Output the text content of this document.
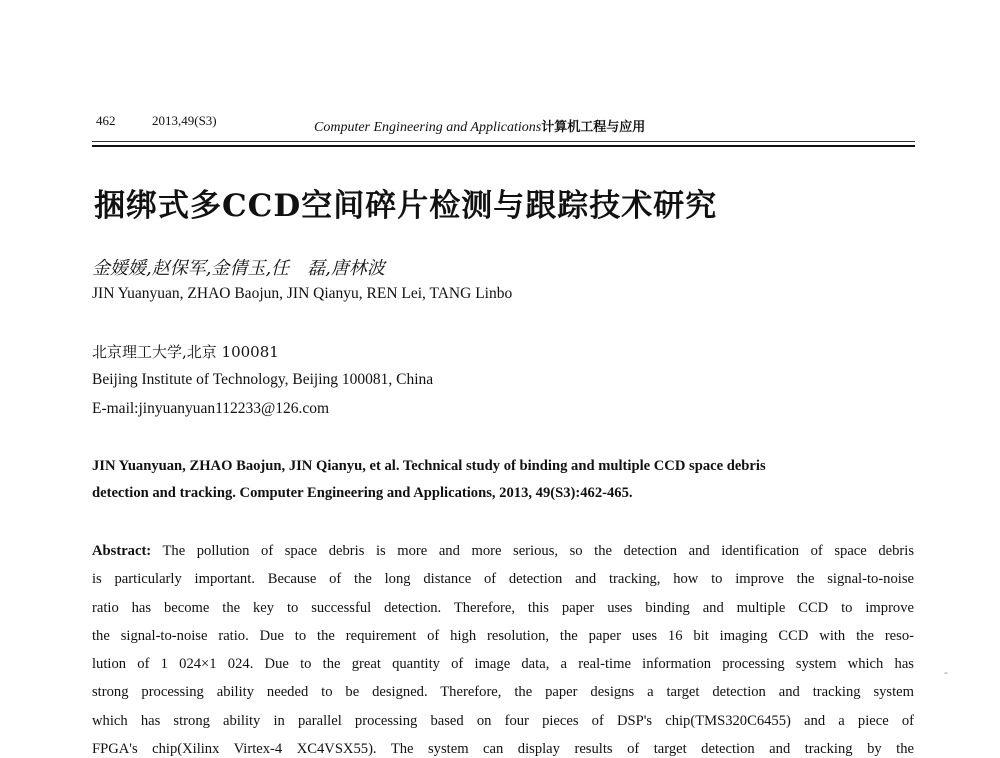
462	2013,49(S3)	Computer Engineering and Applications计算机工程与应用
捆绑式多CCD空间碎片检测与跟踪技术研究
金媛媛,赵保军,金倩玉,任　磊,唐林波
JIN Yuanyuan, ZHAO Baojun, JIN Qianyu, REN Lei, TANG Linbo
北京理工大学,北京 100081
Beijing Institute of Technology, Beijing 100081, China
E-mail:jinyuanyuan112233@126.com
JIN Yuanyuan, ZHAO Baojun, JIN Qianyu, et al. Technical study of binding and multiple CCD space debris
detection and tracking. Computer Engineering and Applications, 2013, 49(S3):462-465.
Abstract: The pollution of space debris is more and more serious, so the detection and identification of space debris
is particularly important. Because of the long distance of detection and tracking, how to improve the signal-to-noise
ratio has become the key to successful detection. Therefore, this paper uses binding and multiple CCD to improve
the signal-to-noise ratio. Due to the requirement of high resolution, the paper uses 16 bit imaging CCD with the reso-
lution of 1 024×1 024. Due to the great quantity of image data, a real-time information processing system which has
strong processing ability needed to be designed. Therefore, the paper designs a target detection and tracking system
which has strong ability in parallel processing based on four pieces of DSP's chip(TMS320C6455) and a piece of
FPGA's chip(Xilinx Virtex-4 XC4VSX55). The system can display results of target detection and tracking by the
-
